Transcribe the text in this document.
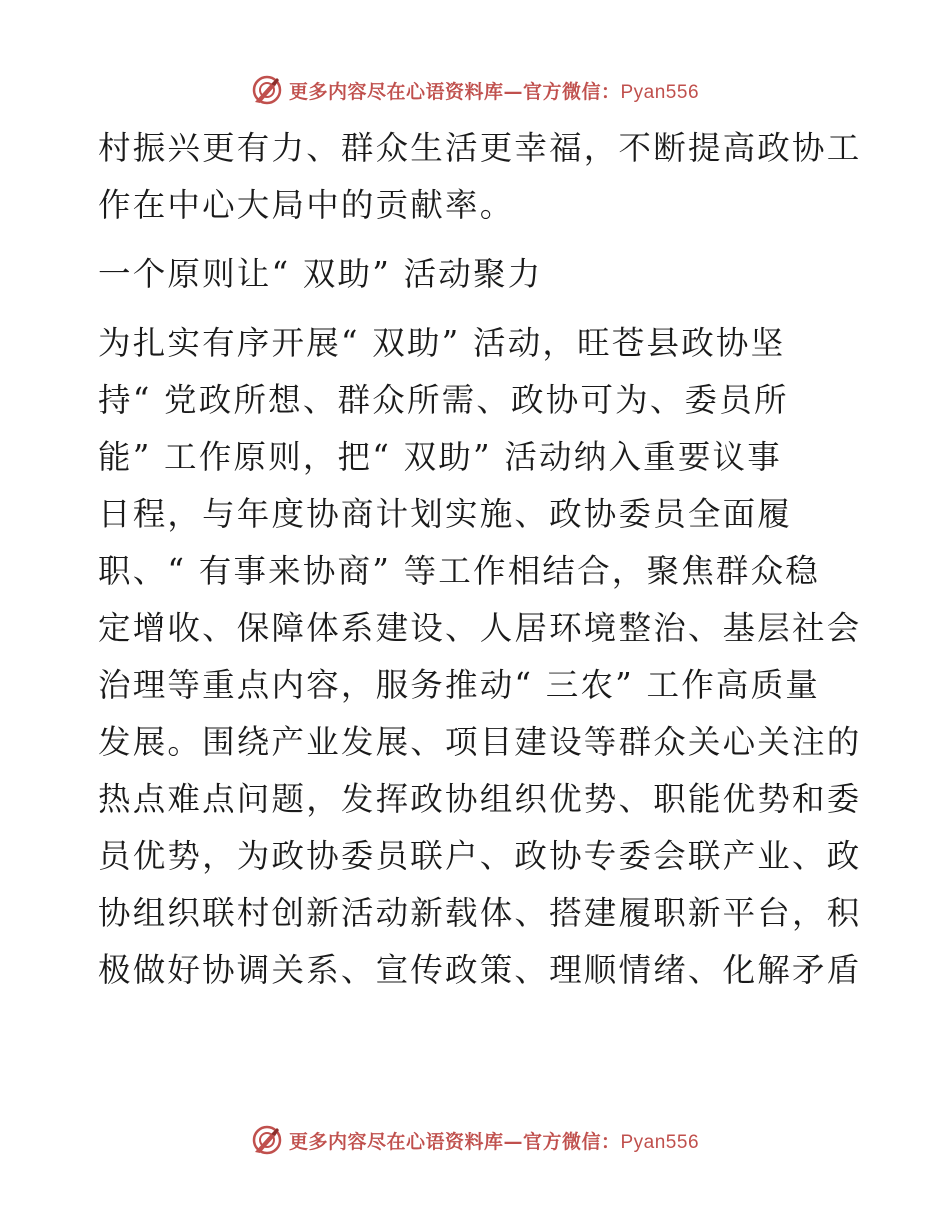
更多内容尽在心语资料库—官方微信：Pyan556
村振兴更有力、群众生活更幸福，不断提高政协工
作在中心大局中的贡献率。
一个原则让“ 双助” 活动聚力
为扎实有序开展“ 双助” 活动，旺苍县政协坚
持“ 党政所想、群众所需、政协可为、委员所
能” 工作原则，把“ 双助” 活动纳入重要议事
日程，与年度协商计划实施、政协委员全面履
职、“ 有事来协商” 等工作相结合，聚焦群众稳
定增收、保障体系建设、人居环境整治、基层社会
治理等重点内容，服务推动“ 三农” 工作高质量
发展。围绕产业发展、项目建设等群众关心关注的
热点难点问题，发挥政协组织优势、职能优势和委
员优势，为政协委员联户、政协专委会联产业、政
协组织联村创新活动新载体、搭建履职新平台，积
极做好协调关系、宣传政策、理顺情绪、化解矛盾
更多内容尽在心语资料库—官方微信：Pyan556
